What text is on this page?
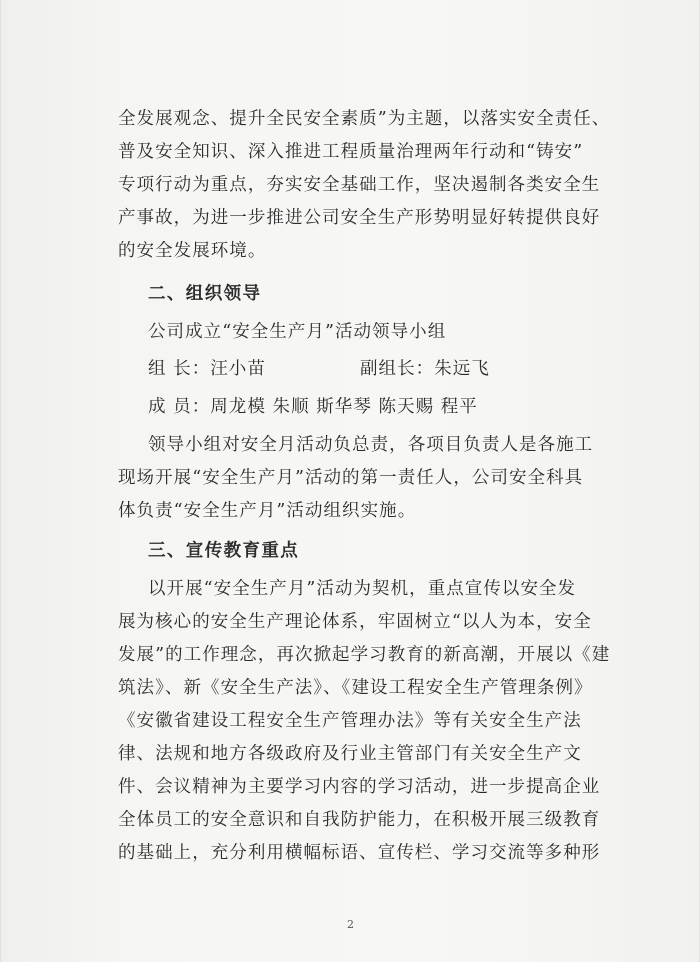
全发展观念、提升全民安全素质”为主题，以落实安全责任、
普及安全知识、深入推进工程质量治理两年行动和“铸安”
专项行动为重点，夯实安全基础工作，坚决遏制各类安全生
产事故，为进一步推进公司安全生产形势明显好转提供良好
的安全发展环境。
二、组织领导
公司成立“安全生产月”活动领导小组
组 长：汪小苗	副组长：朱远飞
成 员：周龙模 朱顺 斯华琴 陈天赐 程平
领导小组对安全月活动负总责，各项目负责人是各施工
现场开展“安全生产月”活动的第一责任人，公司安全科具
体负责“安全生产月”活动组织实施。
三、宣传教育重点
以开展“安全生产月”活动为契机，重点宣传以安全发
展为核心的安全生产理论体系，牢固树立“以人为本，安全
发展”的工作理念，再次掀起学习教育的新高潮，开展以《建
筑法》、新《安全生产法》、《建设工程安全生产管理条例》
《安徽省建设工程安全生产管理办法》等有关安全生产法
律、法规和地方各级政府及行业主管部门有关安全生产文
件、会议精神为主要学习内容的学习活动，进一步提高企业
全体员工的安全意识和自我防护能力，在积极开展三级教育
的基础上，充分利用横幅标语、宣传栏、学习交流等多种形
2
